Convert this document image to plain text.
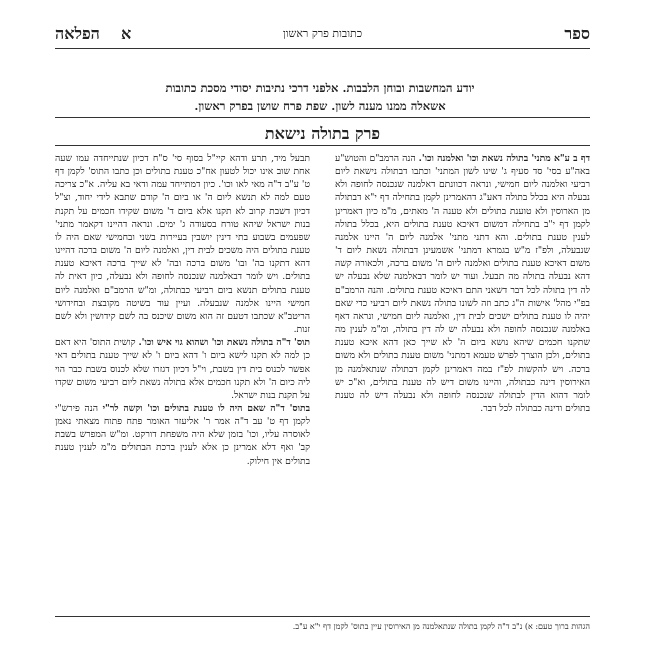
ספר
כתובות פרק ראשון
א  הפלאה
יודע המחשבות ובוחן הלבבות. אלפני דרכי נתיבות יסודי מסכת כתובות
אשאלה ממנו מענה לשון. שפת פרח שושן בפרק ראשון.
פרק בתולה נישאת

דף ב ע"א מתני' בתולה נשאת וכו' ואלמנה וכו'. הנה הרמב"ם והטוש"ע באה"ע בסי' סד סעיף ג' שינו לשון המתני' וכתבו דבתולה נישאת ליום רביעי ואלמנה ליום חמישי, ונראה דכוונתם דאלמנה שנכנסה לחופה ולא נבעלה היא בכלל בתולה דאע"ג דהאמרינן לקמן בתחילה דף י"א דבתולה מן הארוסין ולא טוענת בתולים ולא טענה ה' מאתים, מ"מ כיון דאמרינן לקמן דף י"ב בתחילה דמשום דאיכא טענת בתולים היא, בכלל בתולה לענין טענת בתולים. והא דתני מתני' אלמנה ליום ה' היינו אלמנה שנבעלה, ולפ"ז מ"ש בגמרא דמתני' אשמעינן דבתולה נשאת ליום ד' משום דאיכא טענת בתולים ואלמנה ליום ה' משום ברכה, ולכאורה קשה דהא נבעלה בתולה מה תבעל. ועוד יש לומר דבאלמנה שלא נבעלה יש לה דין בתולה לכל דבר דשאני התם דאיכא טענת בתולים. והנה הרמב"ם בפ"י מהל' אישות ה"ג כתב וזה לשונו בתולה נשאת ליום רביעי כדי שאם יהיה לו טענת בתולים ישכים לבית דין, ואלמנה ליום חמישי, ונראה דאף באלמנה שנכנסה לחופה ולא נבעלה יש לה דין בתולה, ומ"מ לענין מה שתקנו חכמים שיהא נושא ביום ה' לא שייך כאן דהא איכא טענת בתולים, ולכן הוצרך לפרש טעמא דמתני' משום טענת בתולים ולא משום ברכה. ויש להקשות לפ"ז במה דאמרינן לקמן דבתולה שנתאלמנה מן האירוסין דינה כבתולה, והיינו משום דיש לה טענת בתולים, וא"כ יש לומר דהוא הדין לבתולה שנכנסה לחופה ולא נבעלה דיש לה טענת בתולים ודינה כבתולה לכל דבר.

תבעל מיד, תרע ודהא קיי"ל בסוף סי' ס"ח דכיון שנתייחדה עמו שעה אחת שוב אינו יכול לטעון אח"כ טענת בתולים וכן כתבו התוס' לקמן דף ט' ע"ב ד"ה מאי לאו וכו'. כיון דמתייחד עמה ודאי בא עליה. א"כ צריכה טעם למה לא תנשא ליום ה' או ביום ה' קודם שתבא לידי יחוד, וצ"ל דכיון דשבת קרוב לא תקנו אלא ביום ד' משום שקידו חכמים על תקנת בנות ישראל שיהא טורח בסעודה ג' ימים. ונראה דהיינו דקאמר מתני' שפעמים בשבוע בתי דינין יושבין בעיירות בשני ובחמישי שאם היה לו טענת בתולים היה משכים לבית דין, ואלמנה ליום ה' משום ברכה דהיינו דהא דתקנו בה' ובו' משום ברכה ובה' לא שייך ברכה דאיכא טענת בתולים. ויש לומר דבאלמנה שנכנסה לחופה ולא נבעלה, כיון דאית לה טענת בתולים תנשא ביום רביעי כבתולה, ומ"ש הרמב"ם ואלמנה ליום חמישי היינו אלמנה שנבעלה. ועיין עוד בשיטה מקובצת ובחידושי הריטב"א שכתבו דטעם זה הוא משום שיכנס בה לשם קידושין ולא לשם זנות.

תוס' ד"ה בתולה נשאת וכו' ושהוא גוי איש וכו'. קושית התוס' היא דאם כן למה לא תקנו לישא ביום ו' דהא ביום ו' לא שייך טענת בתולים דאי אפשר לכנוס בית דין בשבת, וי"ל דכיון דגזרו שלא לכנוס בשבת כבר הוי ליה כיום ה' ולא תקנו חכמים אלא בתולה נשאת ליום רביעי משום שקדו על תקנת בנות ישראל.

בתוס' ד"ה שאם היה לו טענת בתולים וכו' וקשה לר"י הנה פירש"י לקמן דף ט' עב ד"ה אמר ר' אליעזר האומר פתח פתוח מצאתי נאמן לאוסרה עליו, וכו' בזמן שלא היה משפחת דורקט. ומ"ש המפרש בשבת קב' ואף דלא אמרינן כן אלא לענין ברכת הבתולים מ"מ לענין טענת בתולים אין חילוק.

הגהות ברוך טעם: א) נ"ב ד"ה לקמן בתולה שנתאלמנה מן האירוסין עיין בתוס' לקמן דף י"א ע"ב.
